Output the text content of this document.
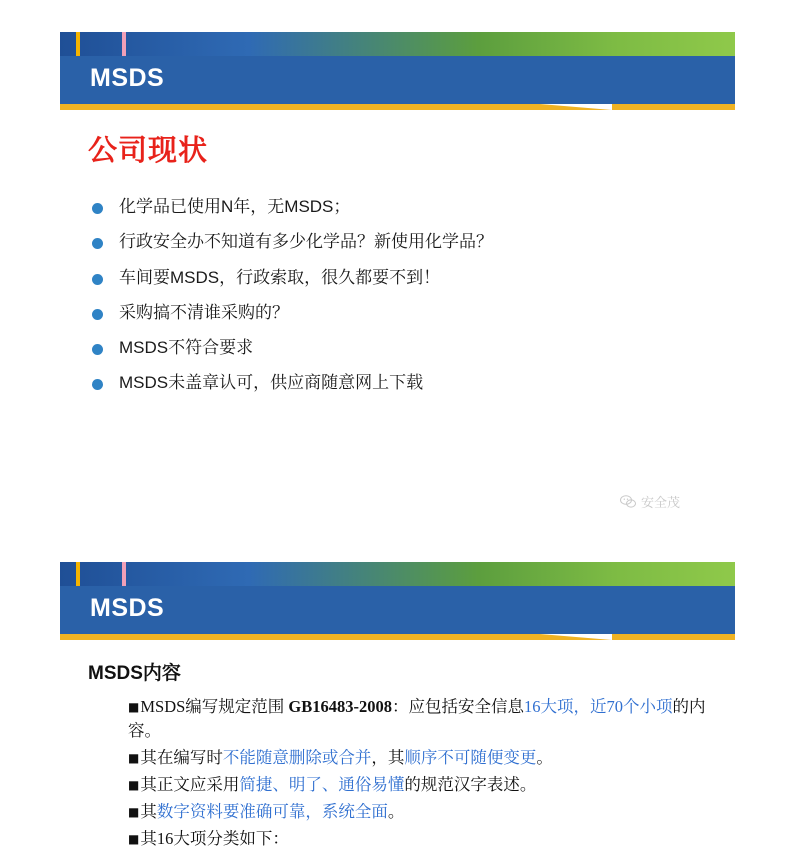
MSDS
公司现状
化学品已使用N年，无MSDS；
行政安全办不知道有多少化学品？新使用化学品？
车间要MSDS，行政索取，很久都要不到！
采购搞不清谁采购的？
MSDS不符合要求
MSDS未盖章认可，供应商随意网上下载
安全茂
MSDS
MSDS内容
■MSDS编写规定范围 GB16483-2008：应包括安全信息16大项，近70个小项的内容。
■其在编写时不能随意删除或合并，其顺序不可随便变更。
■其正文应采用简捷、明了、通俗易懂的规范汉字表述。
■其数字资料要准确可靠，系统全面。
■其16大项分类如下：
